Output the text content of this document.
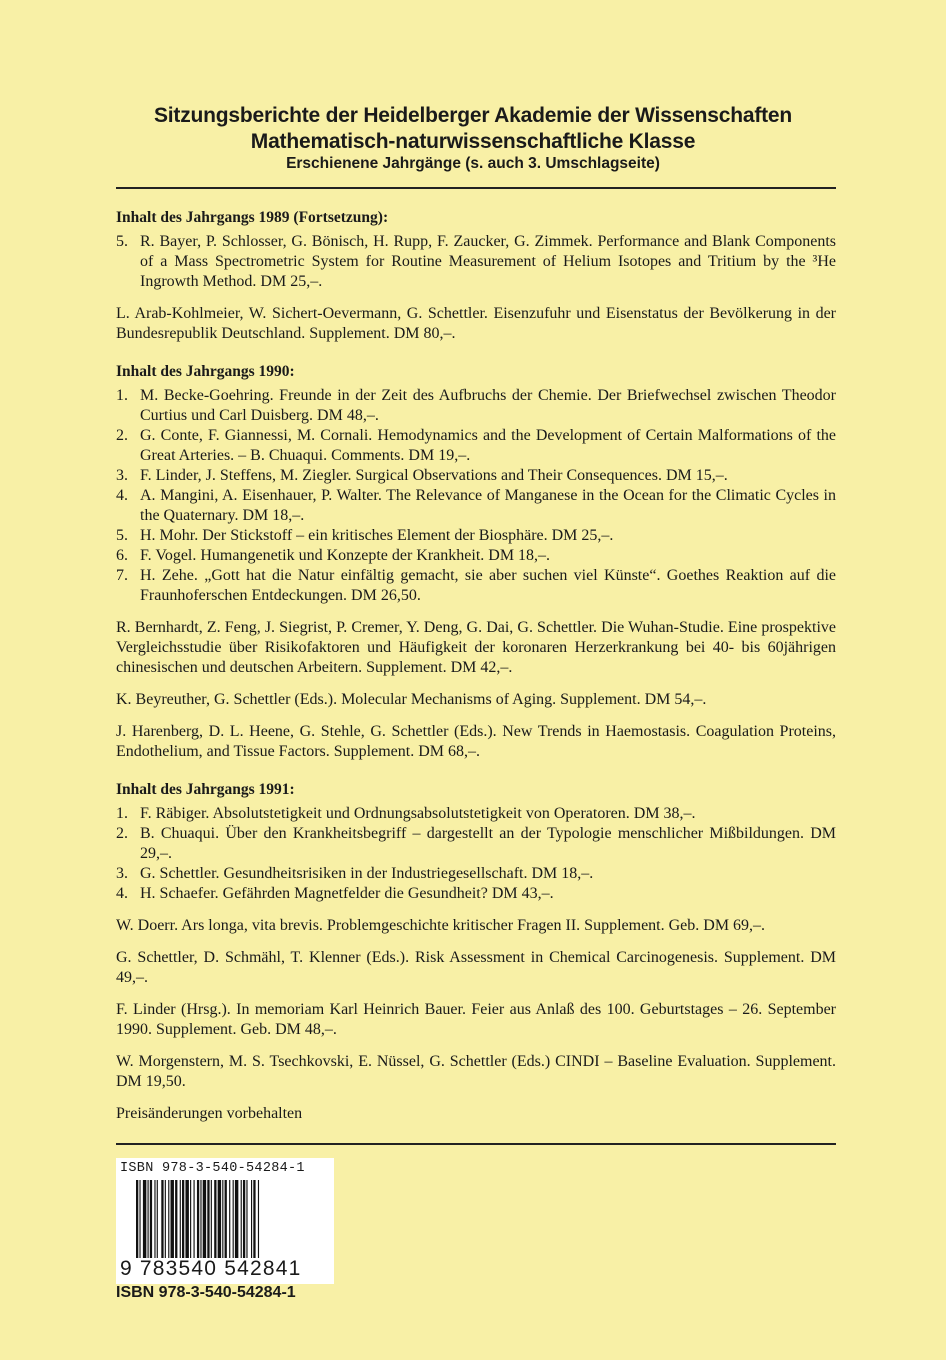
Sitzungsberichte der Heidelberger Akademie der Wissenschaften
Mathematisch-naturwissenschaftliche Klasse
Erschienene Jahrgänge (s. auch 3. Umschlagseite)
Inhalt des Jahrgangs 1989 (Fortsetzung):
5. R. Bayer, P. Schlosser, G. Bönisch, H. Rupp, F. Zaucker, G. Zimmek. Performance and Blank Components of a Mass Spectrometric System for Routine Measurement of Helium Isotopes and Tritium by the ³He Ingrowth Method. DM 25,–.

L. Arab-Kohlmeier, W. Sichert-Oevermann, G. Schettler. Eisenzufuhr und Eisenstatus der Bevölkerung in der Bundesrepublik Deutschland. Supplement. DM 80,–.

Inhalt des Jahrgangs 1990:
1. M. Becke-Goehring. Freunde in der Zeit des Aufbruchs der Chemie. Der Briefwechsel zwischen Theodor Curtius und Carl Duisberg. DM 48,–.
2. G. Conte, F. Giannessi, M. Cornali. Hemodynamics and the Development of Certain Malformations of the Great Arteries. – B. Chuaqui. Comments. DM 19,–.
3. F. Linder, J. Steffens, M. Ziegler. Surgical Observations and Their Consequences. DM 15,–.
4. A. Mangini, A. Eisenhauer, P. Walter. The Relevance of Manganese in the Ocean for the Climatic Cycles in the Quaternary. DM 18,–.
5. H. Mohr. Der Stickstoff – ein kritisches Element der Biosphäre. DM 25,–.
6. F. Vogel. Humangenetik und Konzepte der Krankheit. DM 18,–.
7. H. Zehe. „Gott hat die Natur einfältig gemacht, sie aber suchen viel Künste“. Goethes Reaktion auf die Fraunhoferschen Entdeckungen. DM 26,50.

R. Bernhardt, Z. Feng, J. Siegrist, P. Cremer, Y. Deng, G. Dai, G. Schettler. Die Wuhan-Studie. Eine prospektive Vergleichsstudie über Risikofaktoren und Häufigkeit der koronaren Herzerkrankung bei 40- bis 60jährigen chinesischen und deutschen Arbeitern. Supplement. DM 42,–.

K. Beyreuther, G. Schettler (Eds.). Molecular Mechanisms of Aging. Supplement. DM 54,–.

J. Harenberg, D. L. Heene, G. Stehle, G. Schettler (Eds.). New Trends in Haemostasis. Coagulation Proteins, Endothelium, and Tissue Factors. Supplement. DM 68,–.

Inhalt des Jahrgangs 1991:
1. F. Räbiger. Absolutstetigkeit und Ordnungsabsolutstetigkeit von Operatoren. DM 38,–.
2. B. Chuaqui. Über den Krankheitsbegriff – dargestellt an der Typologie menschlicher Mißbildungen. DM 29,–.
3. G. Schettler. Gesundheitsrisiken in der Industriegesellschaft. DM 18,–.
4. H. Schaefer. Gefährden Magnetfelder die Gesundheit? DM 43,–.

W. Doerr. Ars longa, vita brevis. Problemgeschichte kritischer Fragen II. Supplement. Geb. DM 69,–.

G. Schettler, D. Schmähl, T. Klenner (Eds.). Risk Assessment in Chemical Carcinogenesis. Supplement. DM 49,–.

F. Linder (Hrsg.). In memoriam Karl Heinrich Bauer. Feier aus Anlaß des 100. Geburtstages – 26. September 1990. Supplement. Geb. DM 48,–.

W. Morgenstern, M. S. Tsechkovski, E. Nüssel, G. Schettler (Eds.) CINDI – Baseline Evaluation. Supplement. DM 19,50.

Preisänderungen vorbehalten

ISBN 978-3-540-54284-1
9 783540 542841
ISBN 978-3-540-54284-1
